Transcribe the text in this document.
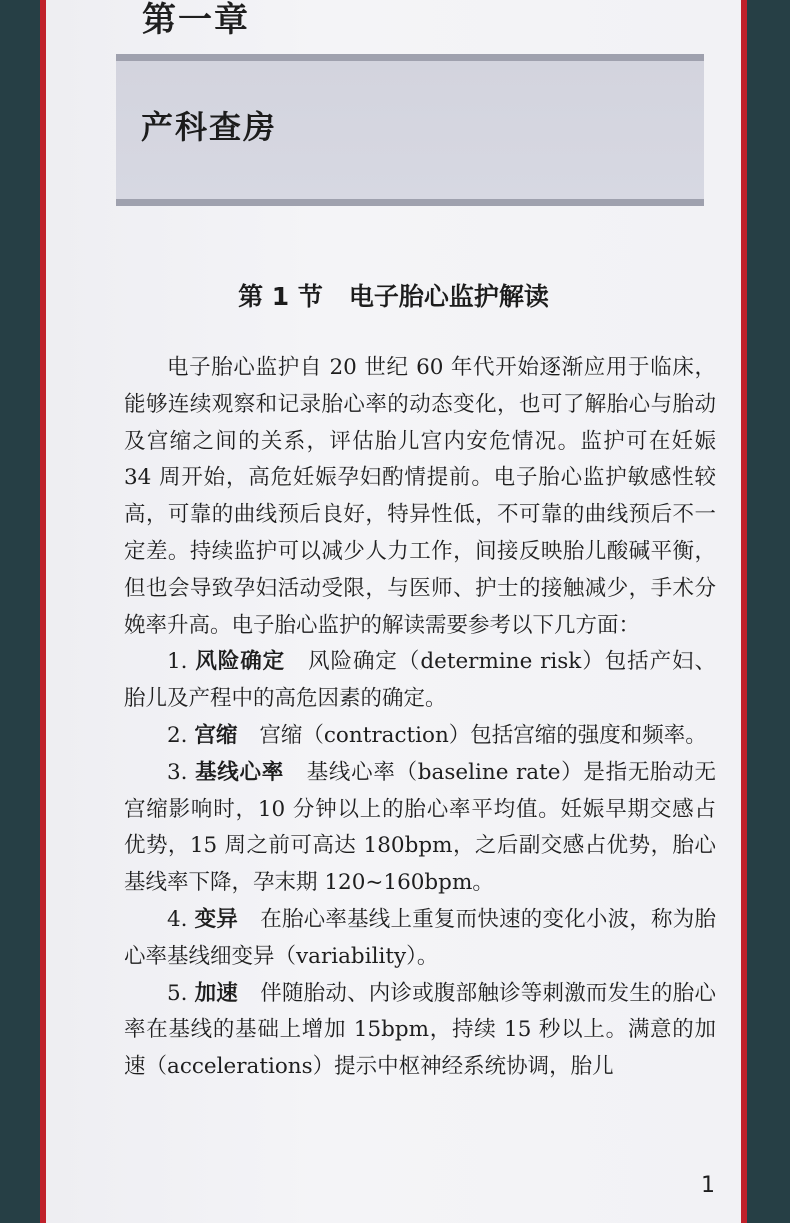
第一章
产科查房
第 1 节 电子胎心监护解读

电子胎心监护自 20 世纪 60 年代开始逐渐应用于临床，能够连续观察和记录胎心率的动态变化，也可了解胎心与胎动及宫缩之间的关系，评估胎儿宫内安危情况。监护可在妊娠 34 周开始，高危妊娠孕妇酌情提前。电子胎心监护敏感性较高，可靠的曲线预后良好，特异性低，不可靠的曲线预后不一定差。持续监护可以减少人力工作，间接反映胎儿酸碱平衡，但也会导致孕妇活动受限，与医师、护士的接触减少，手术分娩率升高。电子胎心监护的解读需要参考以下几方面：

1. 风险确定 风险确定（determine risk）包括产妇、胎儿及产程中的高危因素的确定。

2. 宫缩 宫缩（contraction）包括宫缩的强度和频率。

3. 基线心率 基线心率（baseline rate）是指无胎动无宫缩影响时，10 分钟以上的胎心率平均值。妊娠早期交感占优势，15 周之前可高达 180bpm，之后副交感占优势，胎心基线率下降，孕末期 120~160bpm。

4. 变异 在胎心率基线上重复而快速的变化小波，称为胎心率基线细变异（variability）。

5. 加速 伴随胎动、内诊或腹部触诊等刺激而发生的胎心率在基线的基础上增加 15bpm，持续 15 秒以上。满意的加速（accelerations）提示中枢神经系统协调，胎儿

1
